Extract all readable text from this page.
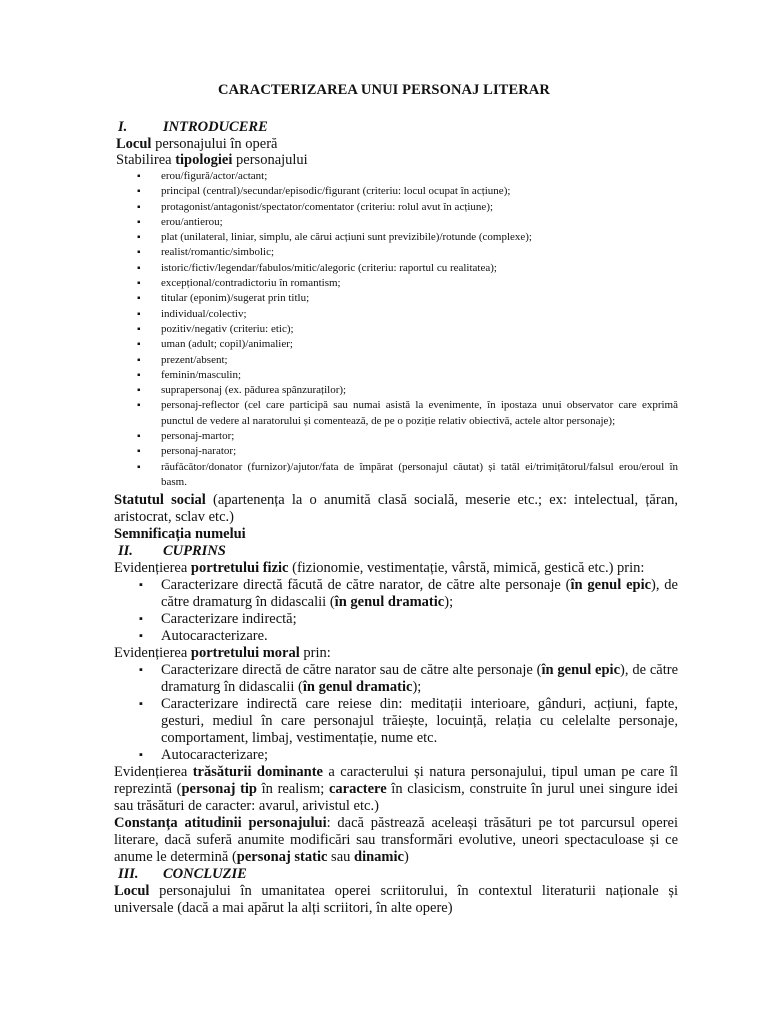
CARACTERIZAREA UNUI PERSONAJ LITERAR
I. INTRODUCERE
Locul personajului în operă
Stabilirea tipologiei personajului
▪ erou/figură/actor/actant;
▪ principal (central)/secundar/episodic/figurant (criteriu: locul ocupat în acțiune);
▪ protagonist/antagonist/spectator/comentator (criteriu: rolul avut în acțiune);
▪ erou/antierou;
▪ plat (unilateral, liniar, simplu, ale cărui acțiuni sunt previzibile)/rotunde (complexe);
▪ realist/romantic/simbolic;
▪ istoric/fictiv/legendar/fabulos/mitic/alegoric (criteriu: raportul cu realitatea);
▪ excepțional/contradictoriu în romantism;
▪ titular (eponim)/sugerat prin titlu;
▪ individual/colectiv;
▪ pozitiv/negativ (criteriu: etic);
▪ uman (adult; copil)/animalier;
▪ prezent/absent;
▪ feminin/masculin;
▪ suprapersonaj (ex. pădurea spânzuraților);
▪ personaj-reflector (cel care participă sau numai asistă la evenimente, în ipostaza unui observator care exprimă punctul de vedere al naratorului și comentează, de pe o poziție relativ obiectivă, actele altor personaje);
▪ personaj-martor;
▪ personaj-narator;
▪ răufăcător/donator (furnizor)/ajutor/fata de împărat (personajul căutat) și tatăl ei/trimițătorul/falsul erou/eroul în basm.
Statutul social (apartenența la o anumită clasă socială, meserie etc.; ex: intelectual, țăran, aristocrat, sclav etc.)
Semnificația numelui
II. CUPRINS
Evidențierea portretului fizic (fizionomie, vestimentație, vârstă, mimică, gestică etc.) prin:
▪ Caracterizare directă făcută de către narator, de către alte personaje (în genul epic), de către dramaturg în didascalii (în genul dramatic);
▪ Caracterizare indirectă;
▪ Autocaracterizare.
Evidențierea portretului moral prin:
▪ Caracterizare directă de către narator sau de către alte personaje (în genul epic), de către dramaturg în didascalii (în genul dramatic);
▪ Caracterizare indirectă care reiese din: meditații interioare, gânduri, acțiuni, fapte, gesturi, mediul în care personajul trăiește, locuință, relația cu celelalte personaje, comportament, limbaj, vestimentație, nume etc.
▪ Autocaracterizare;
Evidențierea trăsăturii dominante a caracterului și natura personajului, tipul uman pe care îl reprezintă (personaj tip în realism; caractere în clasicism, construite în jurul unei singure idei sau trăsături de caracter: avarul, arivistul etc.)
Constanța atitudinii personajului: dacă păstrează aceleași trăsături pe tot parcursul operei literare, dacă suferă anumite modificări sau transformări evolutive, uneori spectaculoase și ce anume le determină (personaj static sau dinamic)
III. CONCLUZIE
Locul personajului în umanitatea operei scriitorului, în contextul literaturii naționale și universale (dacă a mai apărut la alți scriitori, în alte opere)
